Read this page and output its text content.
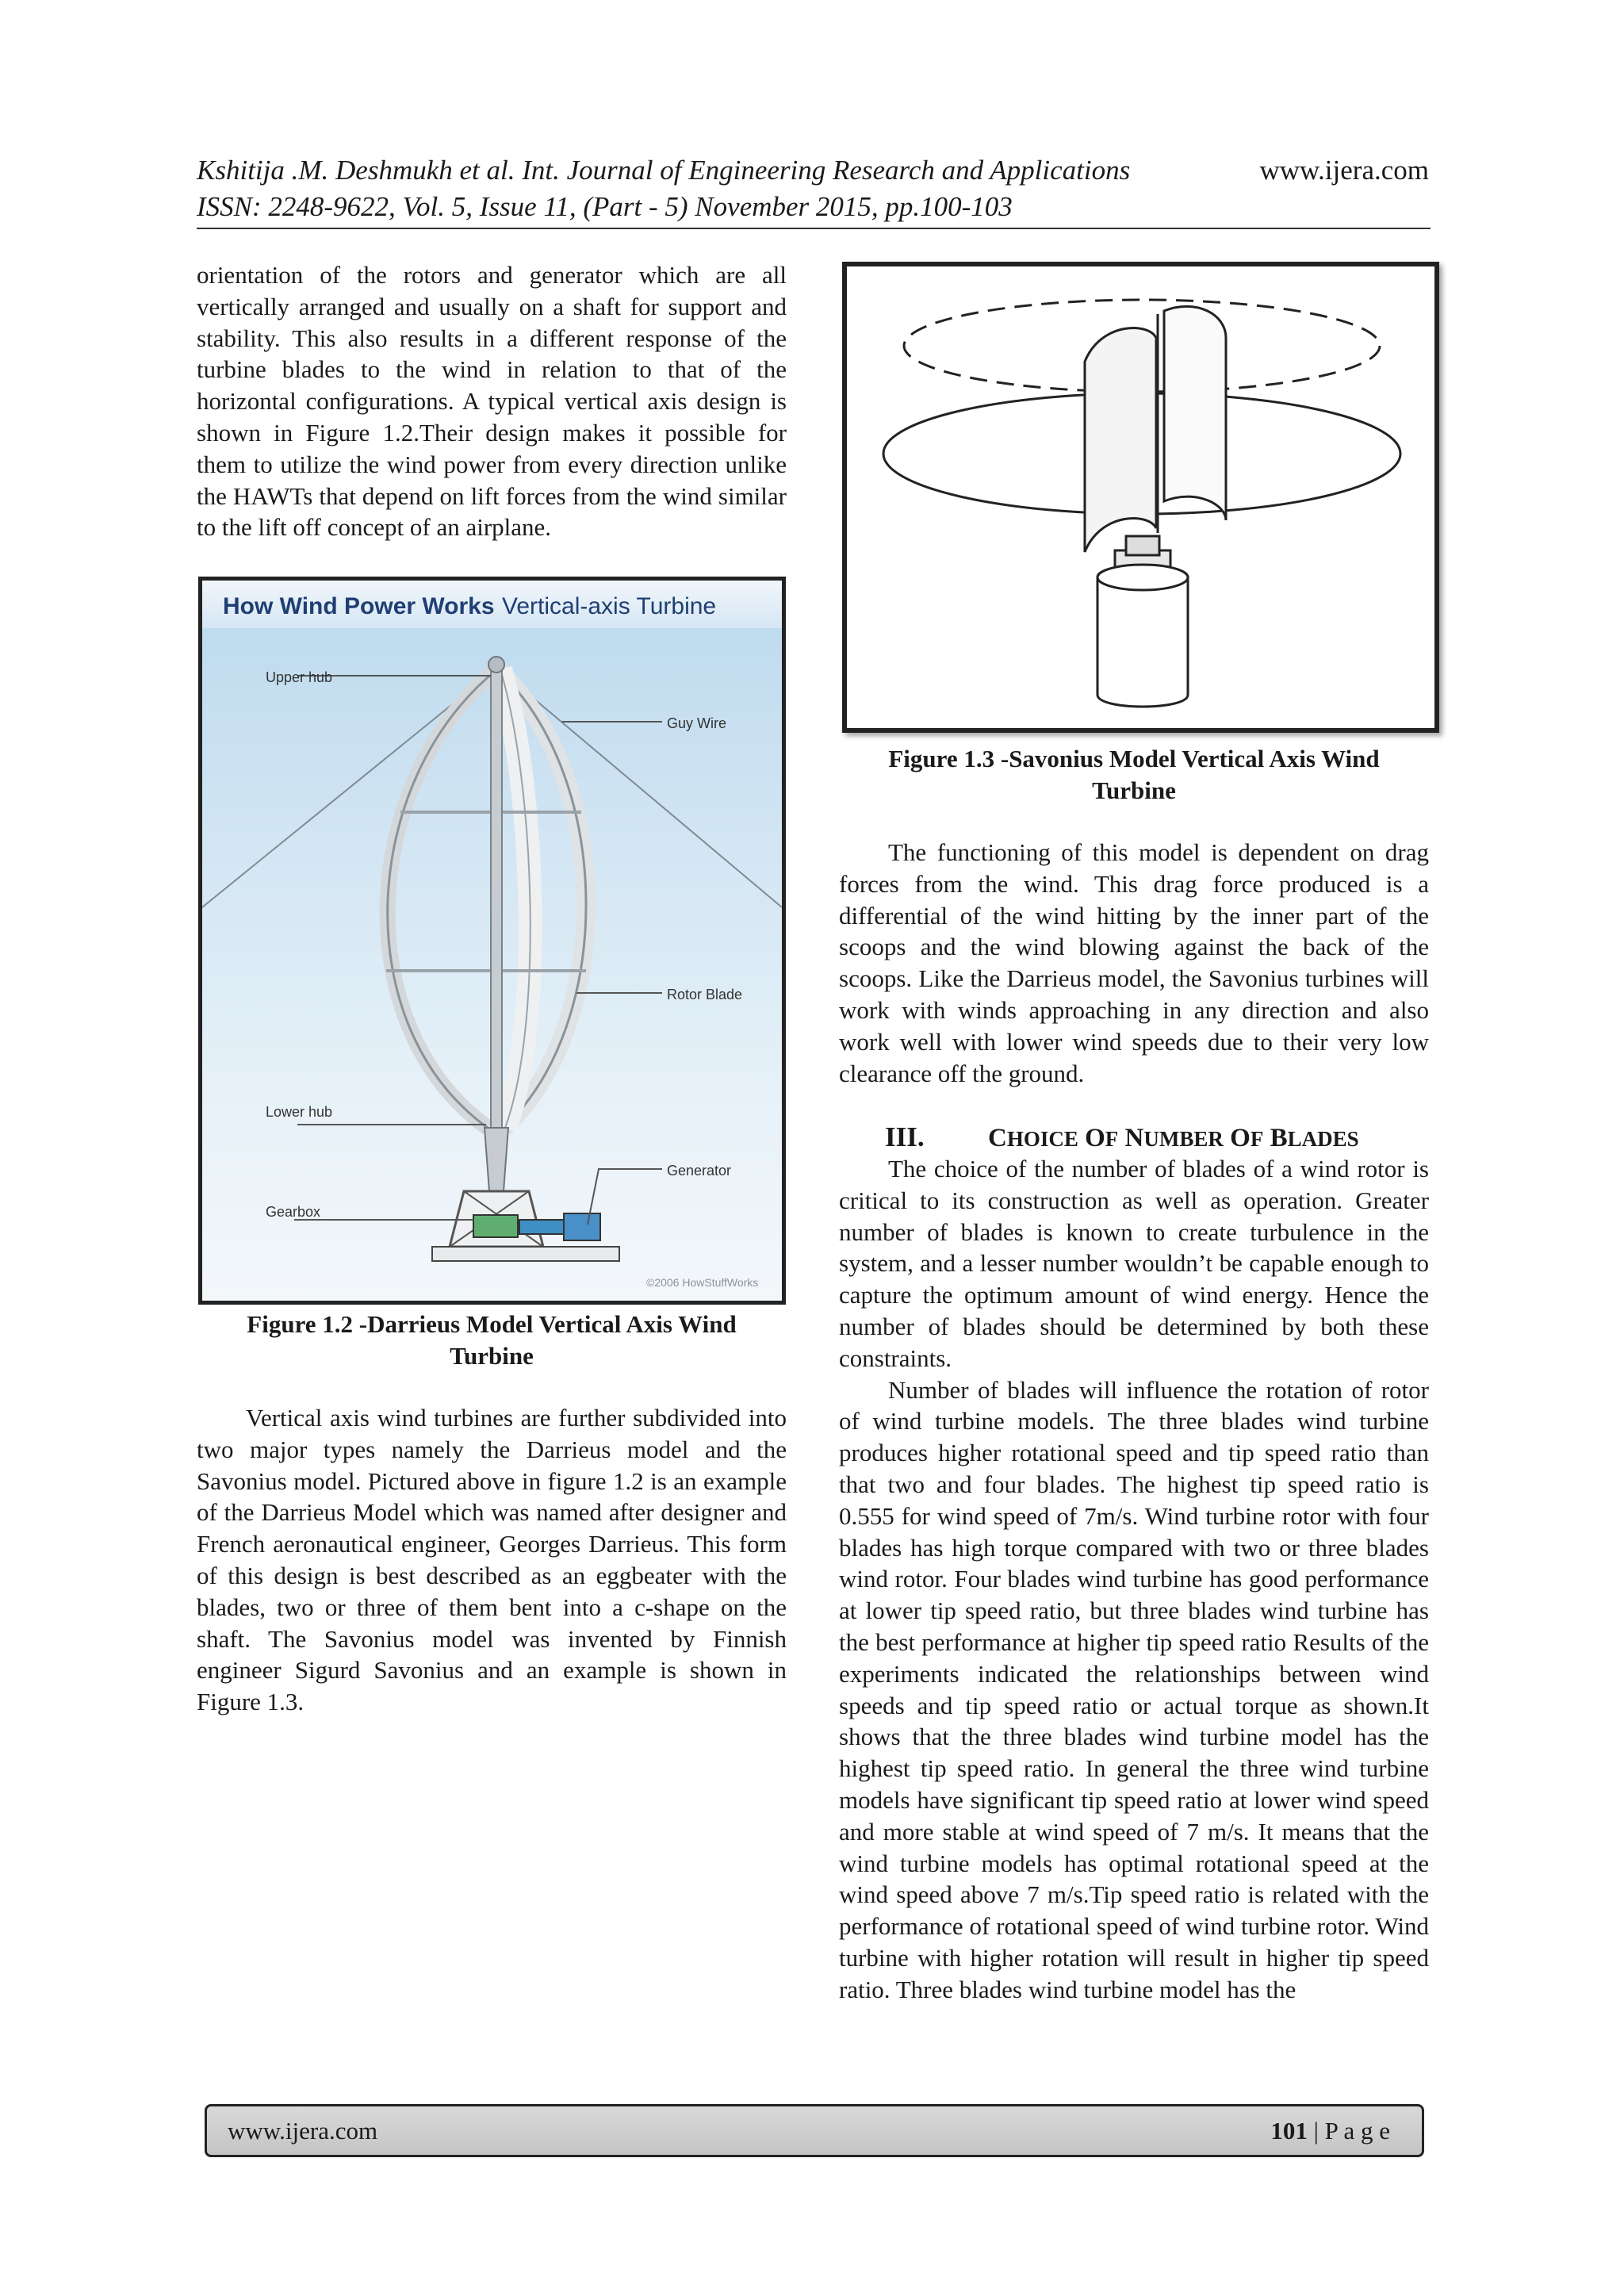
Kshitija .M. Deshmukh et al. Int. Journal of Engineering Research and Applications	www.ijera.com
ISSN: 2248-9622, Vol. 5, Issue 11, (Part - 5) November 2015, pp.100-103

orientation of the rotors and generator which are all vertically arranged and usually on a shaft for support and stability. This also results in a different response of the turbine blades to the wind in relation to that of the horizontal configurations. A typical vertical axis design is shown in Figure 1.2.Their design makes it possible for them to utilize the wind power from every direction unlike the HAWTs that depend on lift forces from the wind similar to the lift off concept of an airplane.

How Wind Power Works Vertical-axis Turbine
Upper hub
Guy Wire
Rotor Blade
Lower hub
Generator
Gearbox
©2006 HowStuffWorks
Figure 1.2 -Darrieus Model Vertical Axis Wind
Turbine

Vertical axis wind turbines are further subdivided into two major types namely the Darrieus model and the Savonius model. Pictured above in figure 1.2 is an example of the Darrieus Model which was named after designer and French aeronautical engineer, Georges Darrieus. This form of this design is best described as an eggbeater with the blades, two or three of them bent into a c-shape on the shaft. The Savonius model was invented by Finnish engineer Sigurd Savonius and an example is shown in Figure 1.3.

Figure 1.3 -Savonius Model Vertical Axis Wind
Turbine

The functioning of this model is dependent on drag forces from the wind. This drag force produced is a differential of the wind hitting by the inner part of the scoops and the wind blowing against the back of the scoops. Like the Darrieus model, the Savonius turbines will work with winds approaching in any direction and also work well with lower wind speeds due to their very low clearance off the ground.

III. CHOICE OF NUMBER OF BLADES

The choice of the number of blades of a wind rotor is critical to its construction as well as operation. Greater number of blades is known to create turbulence in the system, and a lesser number wouldn’t be capable enough to capture the optimum amount of wind energy. Hence the number of blades should be determined by both these constraints.

Number of blades will influence the rotation of rotor of wind turbine models. The three blades wind turbine produces higher rotational speed and tip speed ratio than that two and four blades. The highest tip speed ratio is 0.555 for wind speed of 7m/s. Wind turbine rotor with four blades has high torque compared with two or three blades wind rotor. Four blades wind turbine has good performance at lower tip speed ratio, but three blades wind turbine has the best performance at higher tip speed ratio Results of the experiments indicated the relationships between wind speeds and tip speed ratio or actual torque as shown.It shows that the three blades wind turbine model has the highest tip speed ratio. In general the three wind turbine models have significant tip speed ratio at lower wind speed and more stable at wind speed of 7 m/s. It means that the wind turbine models has optimal rotational speed at the wind speed above 7 m/s.Tip speed ratio is related with the performance of rotational speed of wind turbine rotor. Wind turbine with higher rotation will result in higher tip speed ratio. Three blades wind turbine model has the

www.ijera.com	101 | P a g e
